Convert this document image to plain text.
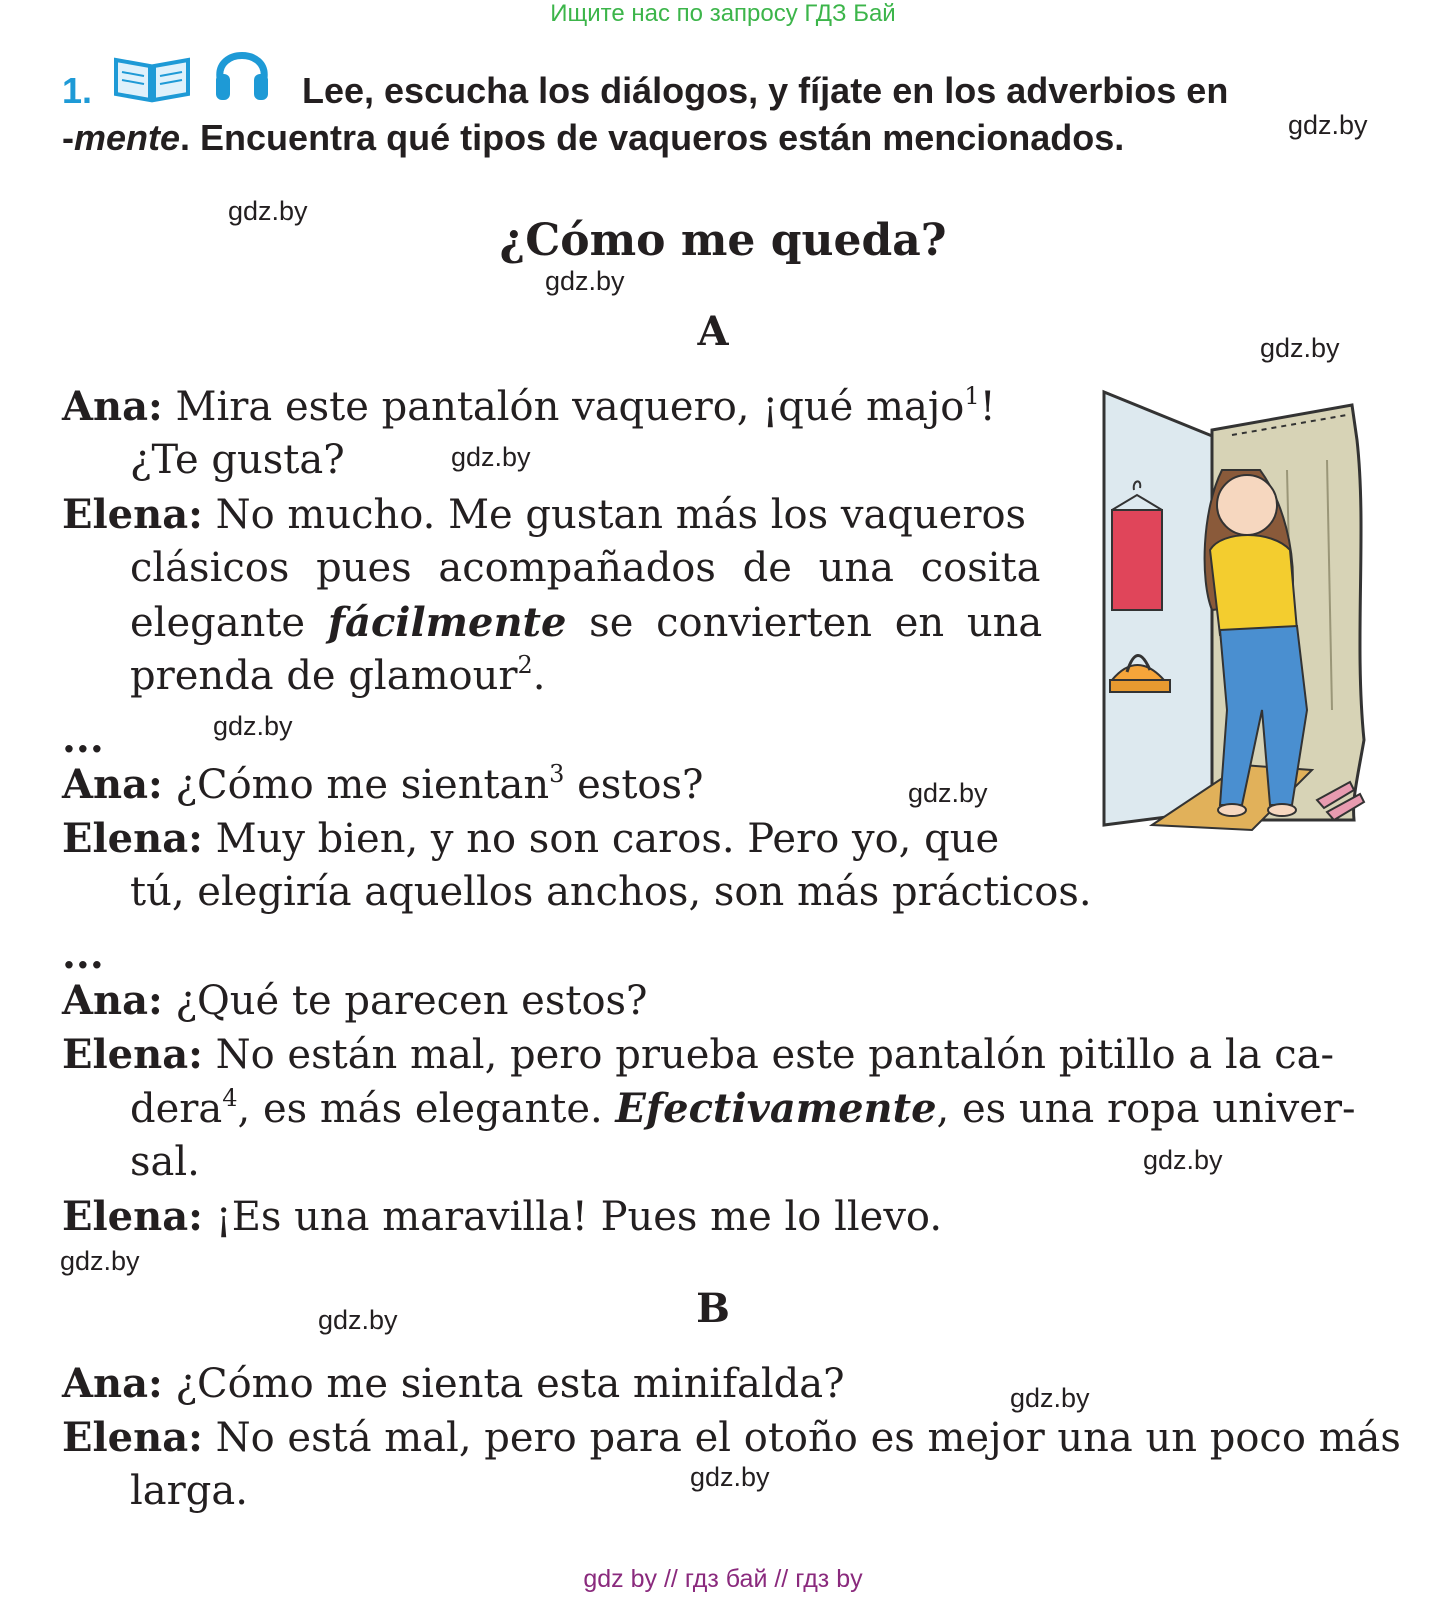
Ищите нас по запросу ГДЗ Бай
1.	Lee, escucha los diálogos, y fíjate en los adverbios en
-mente. Encuentra qué tipos de vaqueros están mencionados.	gdz.by
gdz.by
gdz.by
gdz.by
gdz.by
gdz.by
gdz.by
gdz.by
gdz.by
gdz.by
gdz.by
gdz.by
¿Cómo me queda?
A
Ana: Mira este pantalón vaquero, ¡qué majo$^1$!
¿Te gusta?
Elena: No mucho. Me gustan más los vaqueros
clásicos pues acompañados de una cosita
elegante fácilmente se convierten en una
prenda de glamour$^2$.
...
Ana: ¿Cómo me sientan$^3$ estos?
Elena: Muy bien, y no son caros. Pero yo, que
tú, elegiría aquellos anchos, son más prácticos.
...
Ana: ¿Qué te parecen estos?
Elena: No están mal, pero prueba este pantalón pitillo a la ca-
dera$^4$, es más elegante. Efectivamente, es una ropa univer-
sal.
Elena: ¡Es una maravilla! Pues me lo llevo.
B
Ana: ¿Cómo me sienta esta minifalda?
Elena: No está mal, pero para el otoño es mejor una un poco más
larga.
gdz by // гдз бай // гдз by
